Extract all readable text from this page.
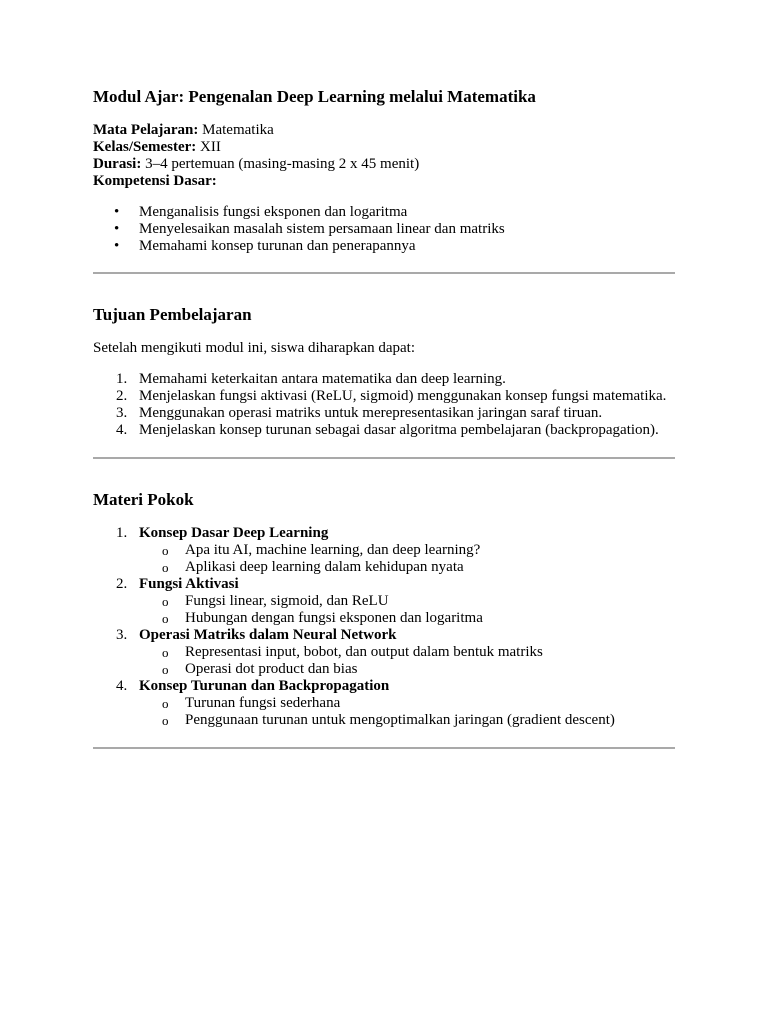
Modul Ajar: Pengenalan Deep Learning melalui Matematika
Mata Pelajaran: Matematika
Kelas/Semester: XII
Durasi: 3–4 pertemuan (masing-masing 2 x 45 menit)
Kompetensi Dasar:
• Menganalisis fungsi eksponen dan logaritma
• Menyelesaikan masalah sistem persamaan linear dan matriks
• Memahami konsep turunan dan penerapannya
Tujuan Pembelajaran

Setelah mengikuti modul ini, siswa diharapkan dapat:

1. Memahami keterkaitan antara matematika dan deep learning.
2. Menjelaskan fungsi aktivasi (ReLU, sigmoid) menggunakan konsep fungsi matematika.
3. Menggunakan operasi matriks untuk merepresentasikan jaringan saraf tiruan.
4. Menjelaskan konsep turunan sebagai dasar algoritma pembelajaran (backpropagation).
Materi Pokok
1. Konsep Dasar Deep Learning
o Apa itu AI, machine learning, dan deep learning?
o Aplikasi deep learning dalam kehidupan nyata
2. Fungsi Aktivasi
o Fungsi linear, sigmoid, dan ReLU
o Hubungan dengan fungsi eksponen dan logaritma
3. Operasi Matriks dalam Neural Network
o Representasi input, bobot, dan output dalam bentuk matriks
o Operasi dot product dan bias
4. Konsep Turunan dan Backpropagation
o Turunan fungsi sederhana
o Penggunaan turunan untuk mengoptimalkan jaringan (gradient descent)
